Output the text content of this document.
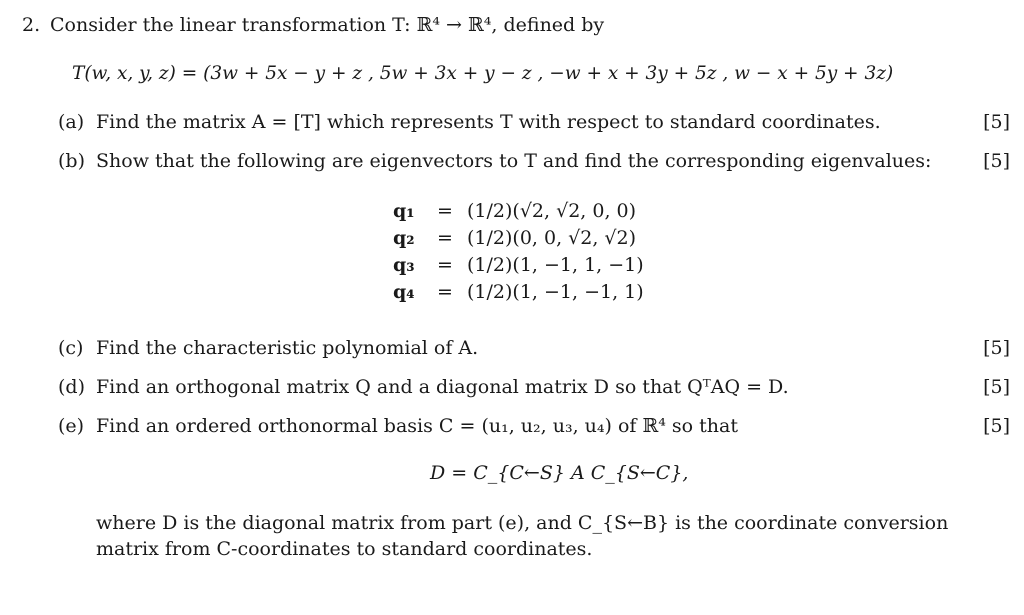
2. Consider the linear transformation T: ℝ⁴ → ℝ⁴, defined by
T(w, x, y, z) = (3w + 5x − y + z , 5w + 3x + y − z , −w + x + 3y + 5z , w − x + 5y + 3z)
(a) Find the matrix A = [T] which represents T with respect to standard coordinates.	[5]
(b) Show that the following are eigenvectors to T and find the corresponding eigenvalues:	[5]
q₁	=	(1/2)(√2, √2, 0, 0)
q₂	=	(1/2)(0, 0, √2, √2)
q₃	=	(1/2)(1, −1, 1, −1)
q₄	=	(1/2)(1, −1, −1, 1)
(c) Find the characteristic polynomial of A.	[5]
(d) Find an orthogonal matrix Q and a diagonal matrix D so that QᵀAQ = D.	[5]
(e) Find an ordered orthonormal basis C = (u₁, u₂, u₃, u₄) of ℝ⁴ so that	[5]
D = C_{C←S} A C_{S←C},
where D is the diagonal matrix from part (e), and C_{S←B} is the coordinate conversion matrix from C-coordinates to standard coordinates.
